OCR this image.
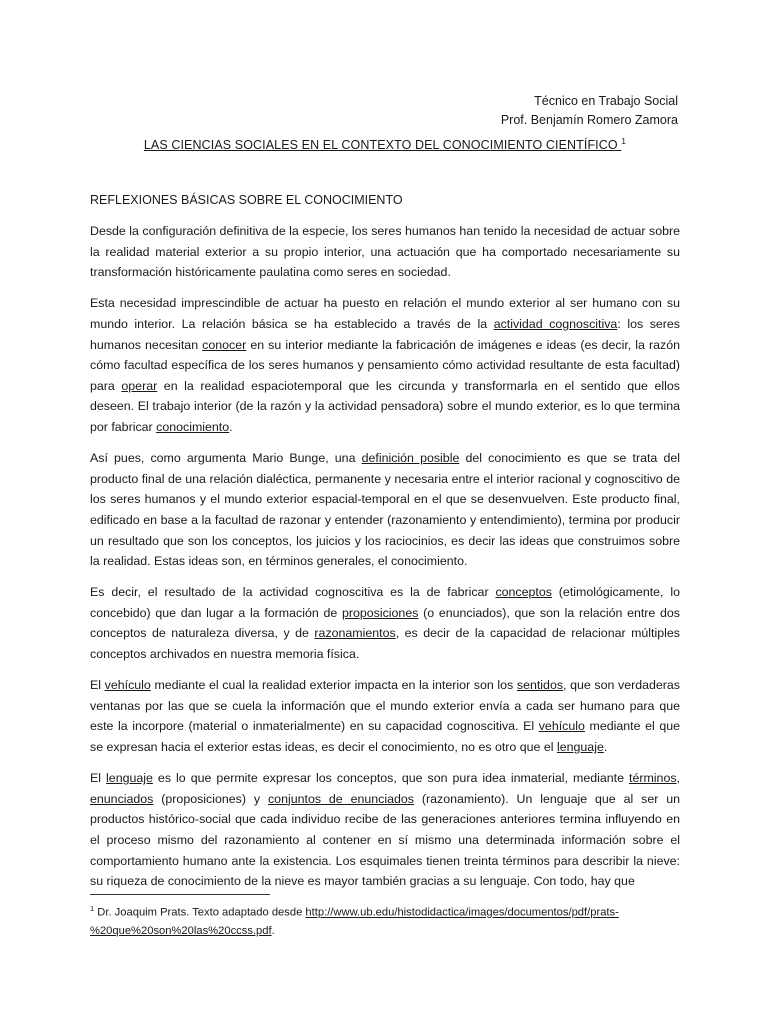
Técnico en Trabajo Social
Prof. Benjamín Romero Zamora
LAS CIENCIAS SOCIALES EN EL CONTEXTO DEL CONOCIMIENTO CIENTÍFICO $^1$
REFLEXIONES BÁSICAS SOBRE EL CONOCIMIENTO

Desde la configuración definitiva de la especie, los seres humanos han tenido la necesidad de actuar sobre la realidad material exterior a su propio interior, una actuación que ha comportado necesariamente su transformación históricamente paulatina como seres en sociedad.

Esta necesidad imprescindible de actuar ha puesto en relación el mundo exterior al ser humano con su mundo interior. La relación básica se ha establecido a través de la actividad cognoscitiva: los seres humanos necesitan conocer en su interior mediante la fabricación de imágenes e ideas (es decir, la razón cómo facultad específica de los seres humanos y pensamiento cómo actividad resultante de esta facultad) para operar en la realidad espaciotemporal que les circunda y transformarla en el sentido que ellos deseen. El trabajo interior (de la razón y la actividad pensadora) sobre el mundo exterior, es lo que termina por fabricar conocimiento.

Así pues, como argumenta Mario Bunge, una definición posible del conocimiento es que se trata del producto final de una relación dialéctica, permanente y necesaria entre el interior racional y cognoscitivo de los seres humanos y el mundo exterior espacial-temporal en el que se desenvuelven. Este producto final, edificado en base a la facultad de razonar y entender (razonamiento y entendimiento), termina por producir un resultado que son los conceptos, los juicios y los raciocinios, es decir las ideas que construimos sobre la realidad. Estas ideas son, en términos generales, el conocimiento.

Es decir, el resultado de la actividad cognoscitiva es la de fabricar conceptos (etimológicamente, lo concebido) que dan lugar a la formación de proposiciones (o enunciados), que son la relación entre dos conceptos de naturaleza diversa, y de razonamientos, es decir de la capacidad de relacionar múltiples conceptos archivados en nuestra memoria física.

El vehículo mediante el cual la realidad exterior impacta en la interior son los sentidos, que son verdaderas ventanas por las que se cuela la información que el mundo exterior envía a cada ser humano para que este la incorpore (material o inmaterialmente) en su capacidad cognoscitiva. El vehículo mediante el que se expresan hacia el exterior estas ideas, es decir el conocimiento, no es otro que el lenguaje.

El lenguaje es lo que permite expresar los conceptos, que son pura idea inmaterial, mediante términos, enunciados (proposiciones) y conjuntos de enunciados (razonamiento). Un lenguaje que al ser un productos histórico-social que cada individuo recibe de las generaciones anteriores termina influyendo en el proceso mismo del razonamiento al contener en sí mismo una determinada información sobre el comportamiento humano ante la existencia. Los esquimales tienen treinta términos para describir la nieve: su riqueza de conocimiento de la nieve es mayor también gracias a su lenguaje. Con todo, hay que

$^1$ Dr. Joaquim Prats. Texto adaptado desde http://www.ub.edu/histodidactica/images/documentos/pdf/prats-%20que%20son%20las%20ccss.pdf.
